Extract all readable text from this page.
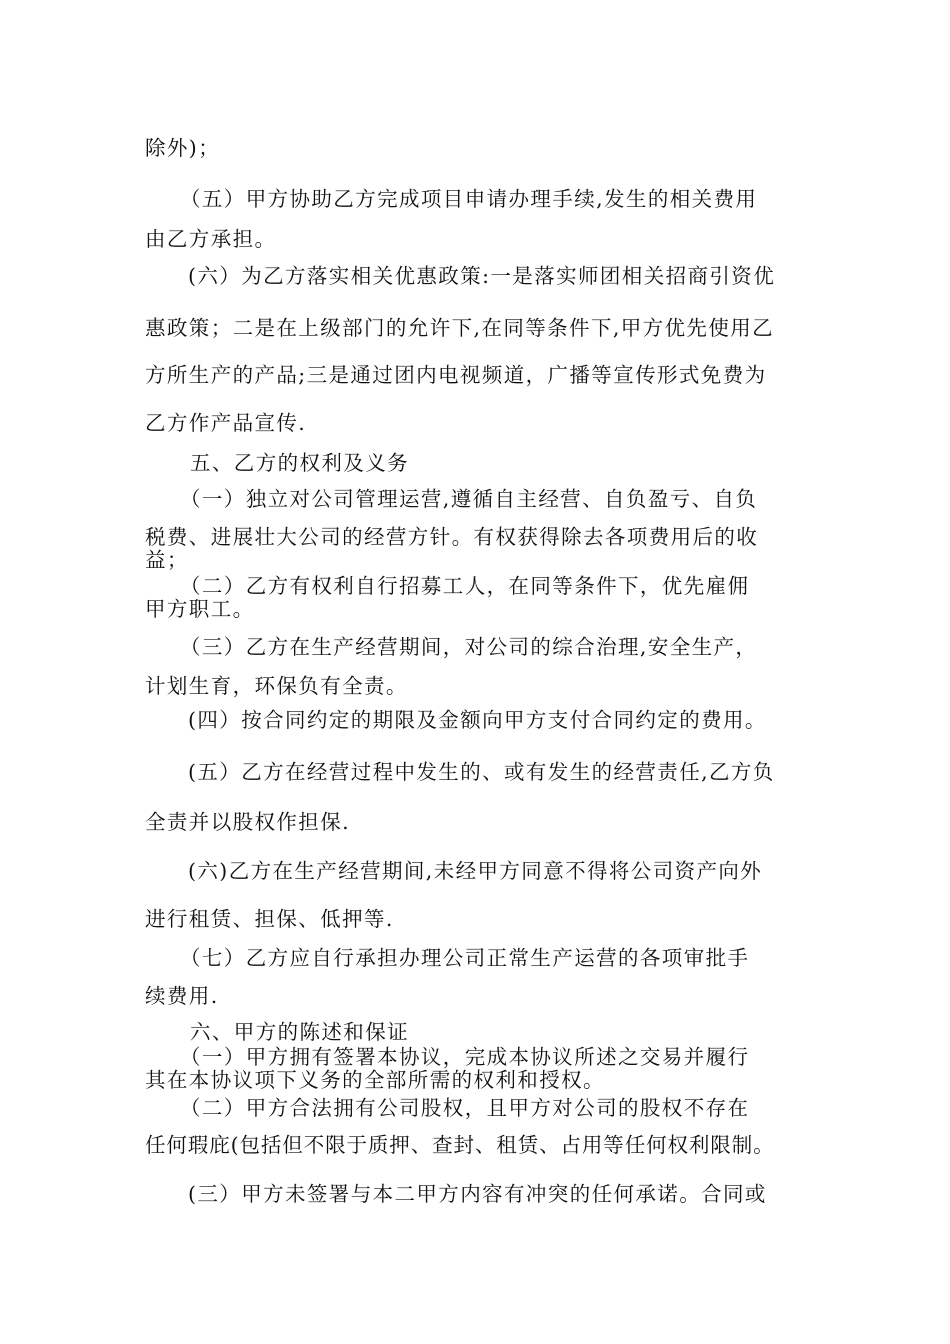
除外)；
（五）甲方协助乙方完成项目申请办理手续,发生的相关费用
由乙方承担。
(六）为乙方落实相关优惠政策:一是落实师团相关招商引资优
惠政策；二是在上级部门的允许下,在同等条件下,甲方优先使用乙
方所生产的产品;三是通过团内电视频道，广播等宣传形式免费为
乙方作产品宣传.
五、乙方的权利及义务
（一）独立对公司管理运营,遵循自主经营、自负盈亏、自负
税费、进展壮大公司的经营方针。有权获得除去各项费用后的收
益；
（二）乙方有权利自行招募工人，在同等条件下，优先雇佣
甲方职工。
（三）乙方在生产经营期间，对公司的综合治理,安全生产，
计划生育，环保负有全责。
(四）按合同约定的期限及金额向甲方支付合同约定的费用。
(五）乙方在经营过程中发生的、或有发生的经营责任,乙方负
全责并以股权作担保.
(六)乙方在生产经营期间,未经甲方同意不得将公司资产向外
进行租赁、担保、低押等.
（七）乙方应自行承担办理公司正常生产运营的各项审批手
续费用.
六、甲方的陈述和保证
（一）甲方拥有签署本协议，完成本协议所述之交易并履行
其在本协议项下义务的全部所需的权利和授权。
（二）甲方合法拥有公司股权，且甲方对公司的股权不存在
任何瑕庇(包括但不限于质押、查封、租赁、占用等任何权利限制。
(三）甲方未签署与本二甲方内容有冲突的任何承诺。合同或
